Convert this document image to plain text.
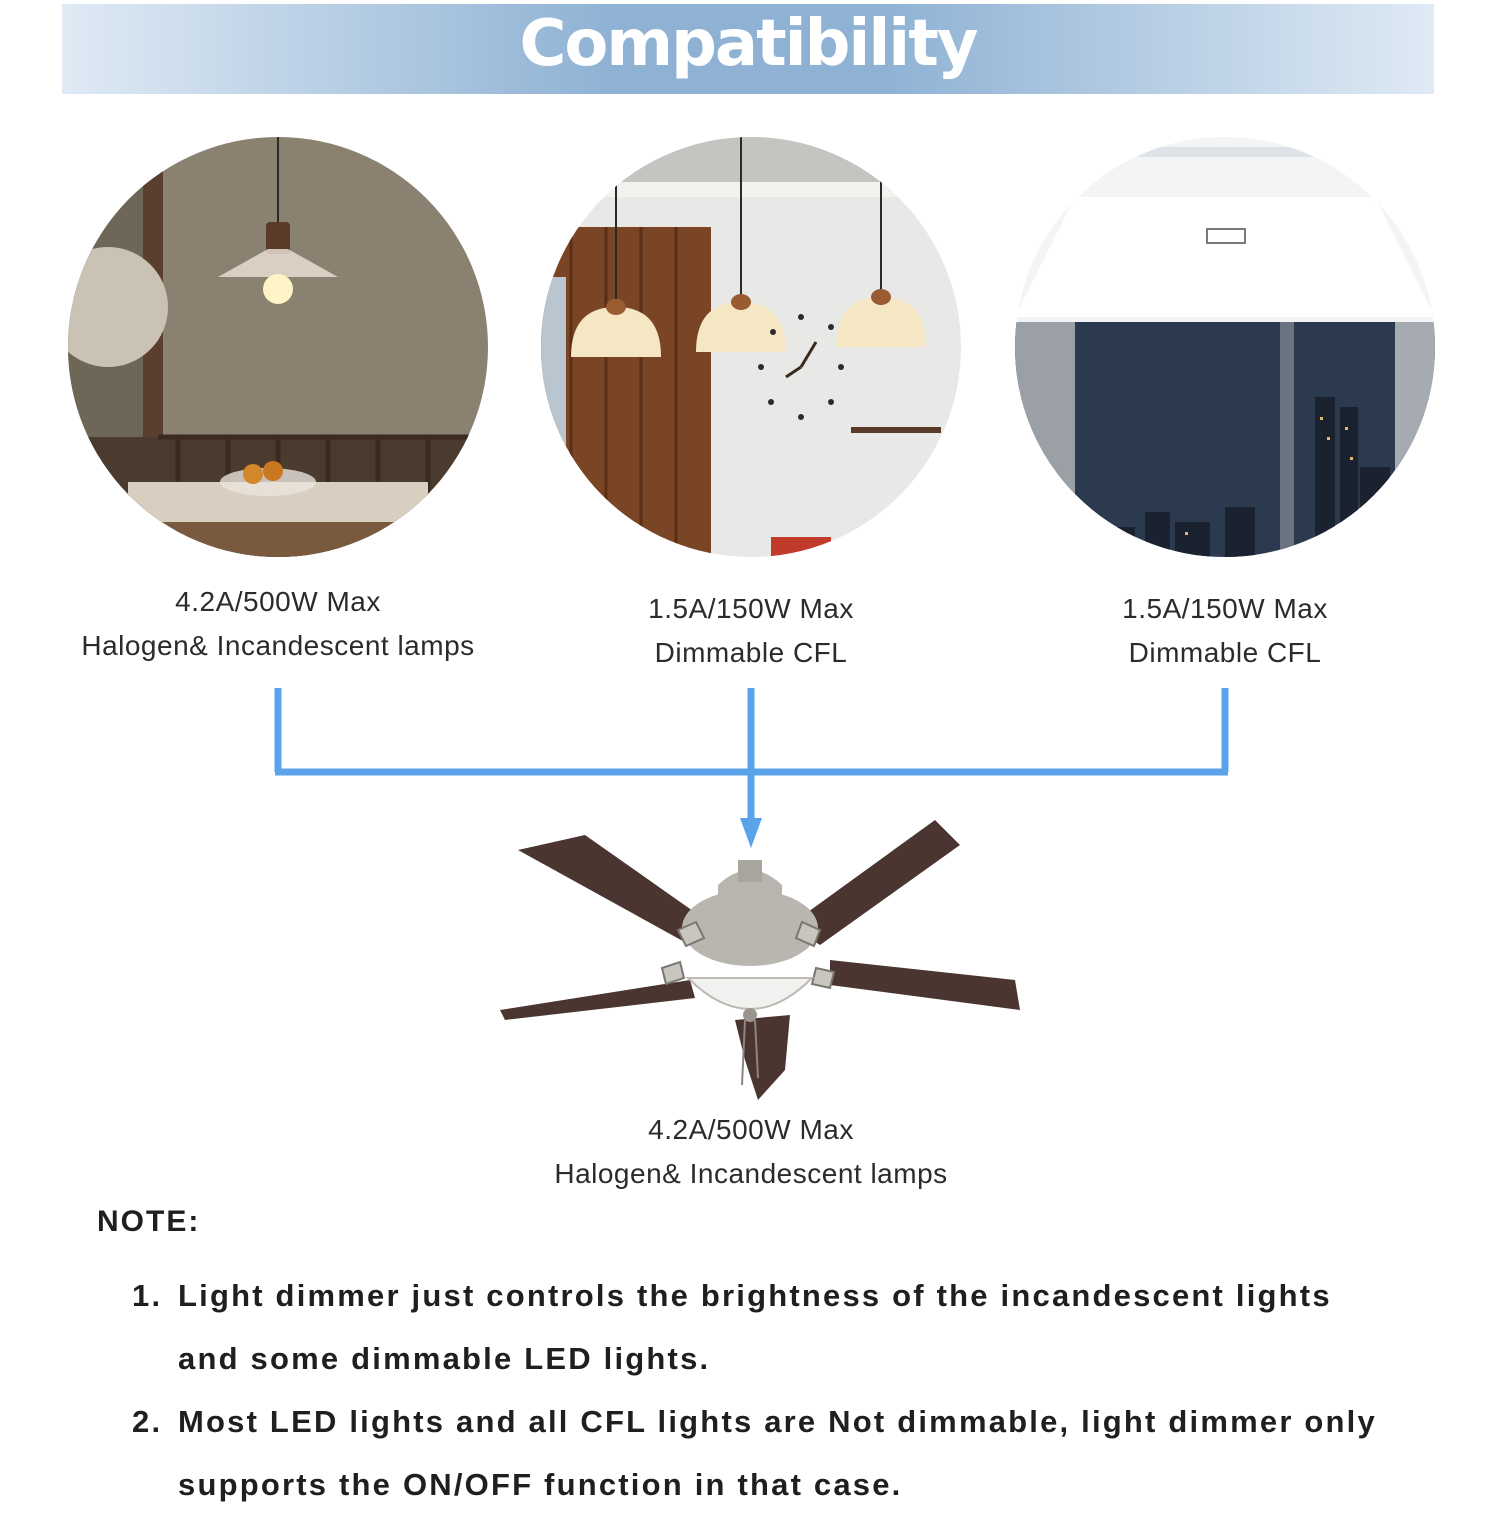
Compatibility
4.2A/500W Max
Halogen& Incandescent lamps
1.5A/150W Max
Dimmable CFL
1.5A/150W Max
Dimmable CFL
4.2A/500W Max
Halogen& Incandescent lamps
NOTE:
1. Light dimmer just controls the brightness of the incandescent lights and some dimmable LED lights.
2. Most LED lights and all CFL lights are Not dimmable, light dimmer only supports the ON/OFF function in that case.
